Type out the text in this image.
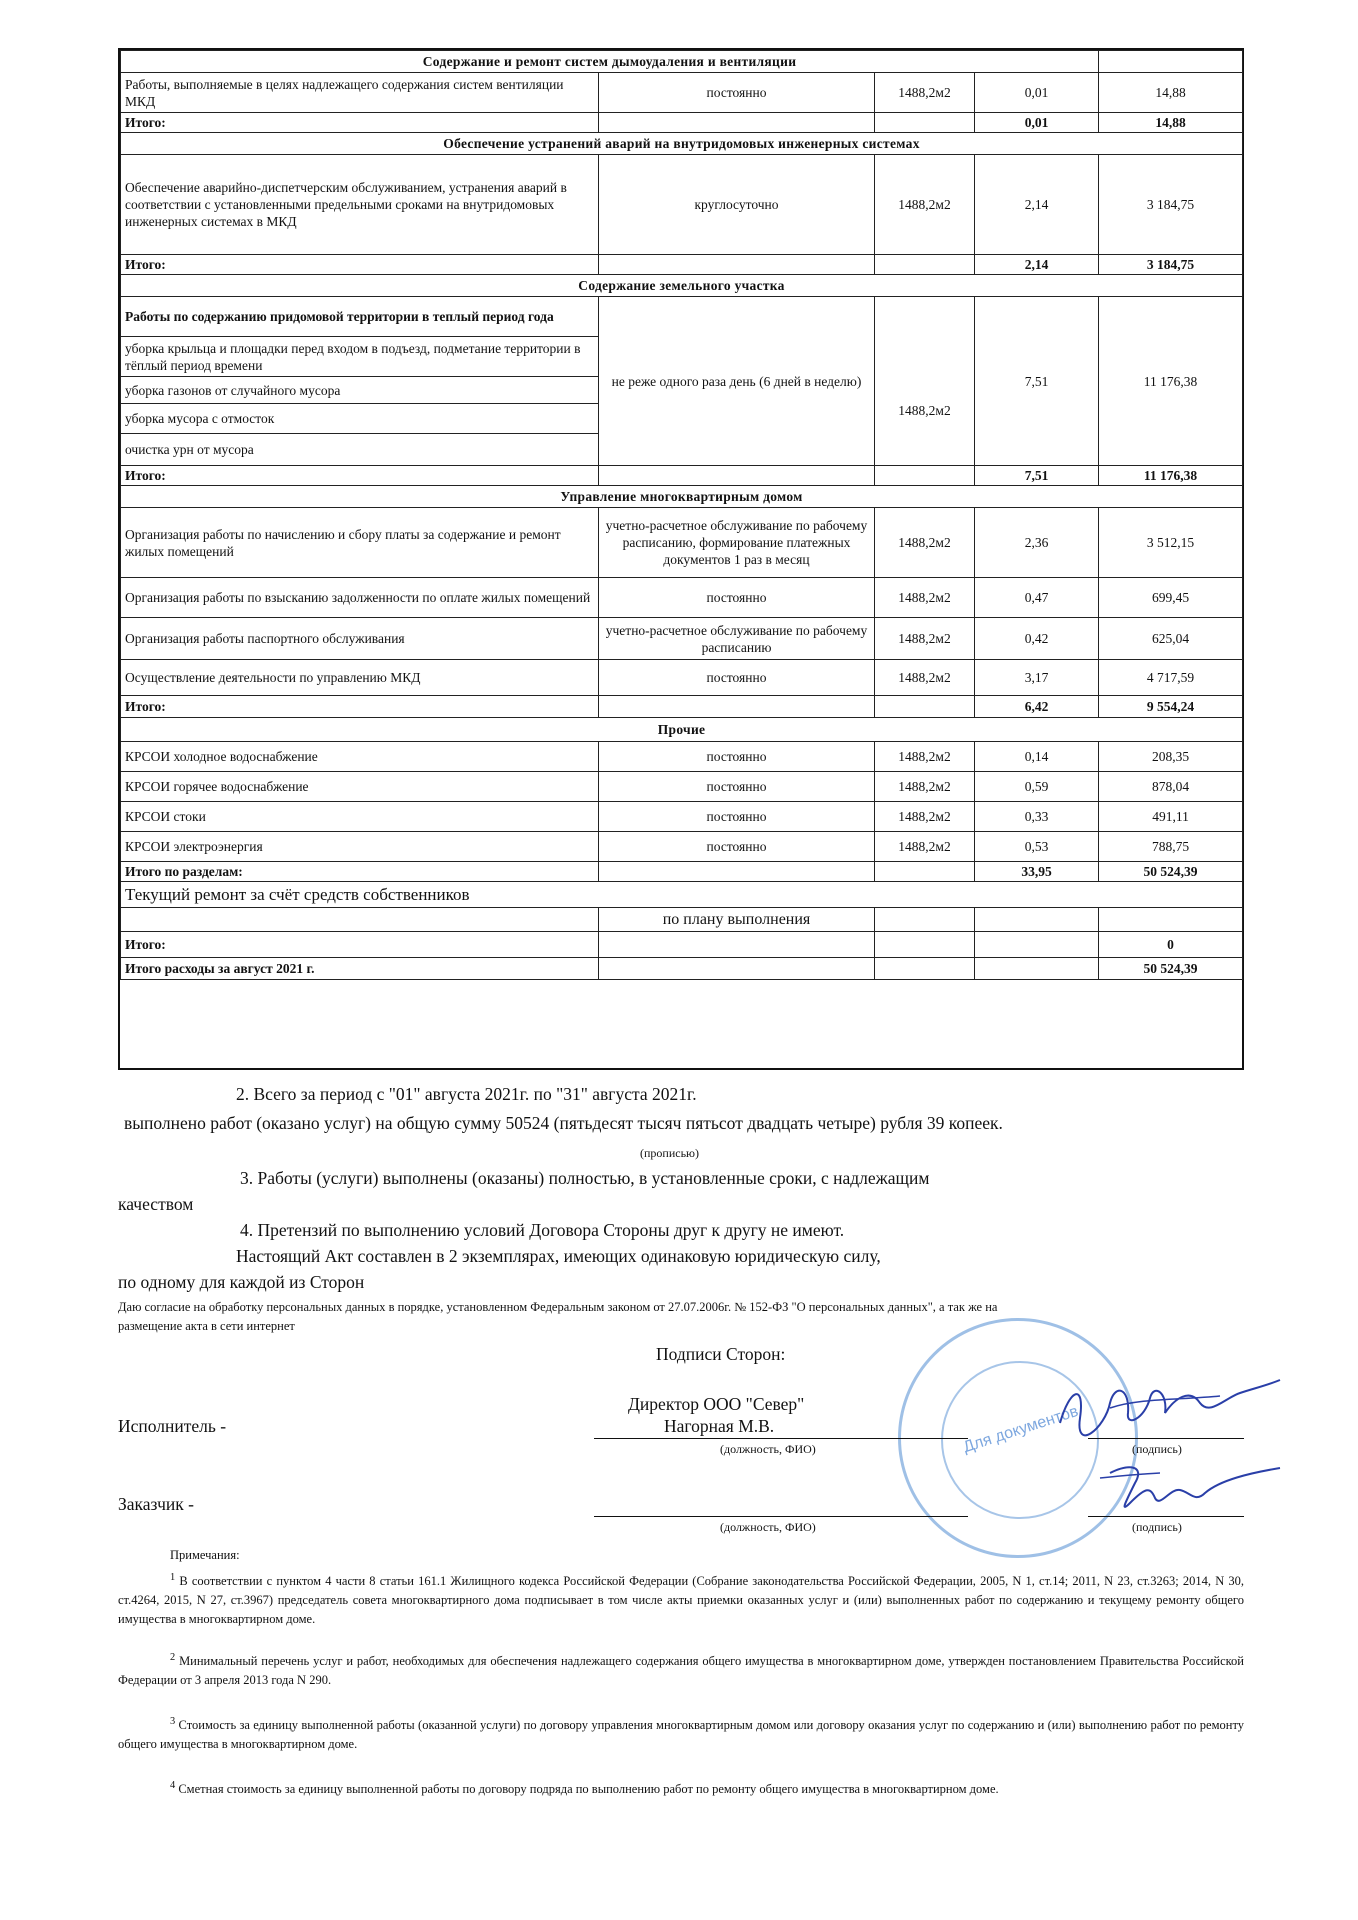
Содержание и ремонт систем дымоудаления и вентиляции				
Работы, выполняемые в целях надлежащего содержания систем вентиляции МКД	постоянно	1488,2м2	0,01	14,88
Итого:			0,01	14,88
Обеспечение устранений аварий на внутридомовых инженерных системах				
Обеспечение аварийно-диспетчерским обслуживанием, устранения аварий в соответствии с установленными предельными сроками на внутридомовых инженерных системах в МКД	круглосуточно	1488,2м2	2,14	3 184,75
Итого:			2,14	3 184,75
Содержание земельного участка				
Работы по содержанию придомовой территории в теплый период года	не реже одного раза день (6 дней в неделю)	1488,2м2	7,51	11 176,38
уборка крыльца и площадки перед входом в подъезд, подметание территории в тёплый период времени				
уборка газонов от случайного мусора				
уборка мусора с отмосток				
очистка урн от мусора				
Итого:			7,51	11 176,38
Управление многоквартирным домом				
Организация работы по начислению и сбору платы за содержание и ремонт жилых помещений	учетно-расчетное обслуживание по рабочему расписанию, формирование платежных документов 1 раз в месяц	1488,2м2	2,36	3 512,15
Организация работы по взысканию задолженности по оплате жилых помещений	постоянно	1488,2м2	0,47	699,45
Организация работы паспортного обслуживания	учетно-расчетное обслуживание по рабочему расписанию	1488,2м2	0,42	625,04
Осуществление деятельности по управлению МКД	постоянно	1488,2м2	3,17	4 717,59
Итого:			6,42	9 554,24
Прочие				
КРСОИ холодное водоснабжение	постоянно	1488,2м2	0,14	208,35
КРСОИ горячее водоснабжение	постоянно	1488,2м2	0,59	878,04
КРСОИ стоки	постоянно	1488,2м2	0,33	491,11
КРСОИ электроэнергия	постоянно	1488,2м2	0,53	788,75
Итого по разделам:			33,95	50 524,39
Текущий ремонт за счёт средств собственников				
	по плану выполнения			
Итого:				0
Итого расходы за август 2021 г.				50 524,39

2. Всего за период с "01" августа 2021г. по "31" августа 2021г.
выполнено работ (оказано услуг) на общую сумму 50524 (пятьдесят тысяч пятьсот двадцать четыре) рубля 39 копеек.
(прописью)
3. Работы (услуги) выполнены (оказаны) полностью, в установленные сроки, с надлежащим
качеством
4. Претензий по выполнению условий Договора Стороны друг к другу не имеют.
Настоящий Акт составлен в 2 экземплярах, имеющих одинаковую юридическую силу,
по одному для каждой из Сторон
Даю согласие на обработку персональных данных в порядке, установленном Федеральным законом от 27.07.2006г. № 152-ФЗ "О персональных данных", а так же на
размещение акта в сети интернет
Для документов
Подписи Сторон:
Директор ООО "Север"
Нагорная М.В.
Исполнитель -
(должность, ФИО)	(подпись)
Заказчик -
(должность, ФИО)	(подпись)
Примечания:
$^1$ В соответствии с пунктом 4 части 8 статьи 161.1 Жилищного кодекса Российской Федерации (Собрание законодательства Российской Федерации, 2005, N 1, ст.14; 2011, N 23, ст.3263; 2014, N 30, ст.4264, 2015, N 27, ст.3967) председатель совета многоквартирного дома подписывает в том числе акты приемки оказанных услуг и (или) выполненных работ по содержанию и текущему ремонту общего имущества в многоквартирном доме.
$^2$ Минимальный перечень услуг и работ, необходимых для обеспечения надлежащего содержания общего имущества в многоквартирном доме, утвержден постановлением Правительства Российской Федерации от 3 апреля 2013 года N 290.
$^3$ Стоимость за единицу выполненной работы (оказанной услуги) по договору управления многоквартирным домом или договору оказания услуг по содержанию и (или) выполнению работ по ремонту общего имущества в многоквартирном доме.
$^4$ Сметная стоимость за единицу выполненной работы по договору подряда по выполнению работ по ремонту общего имущества в многоквартирном доме.
